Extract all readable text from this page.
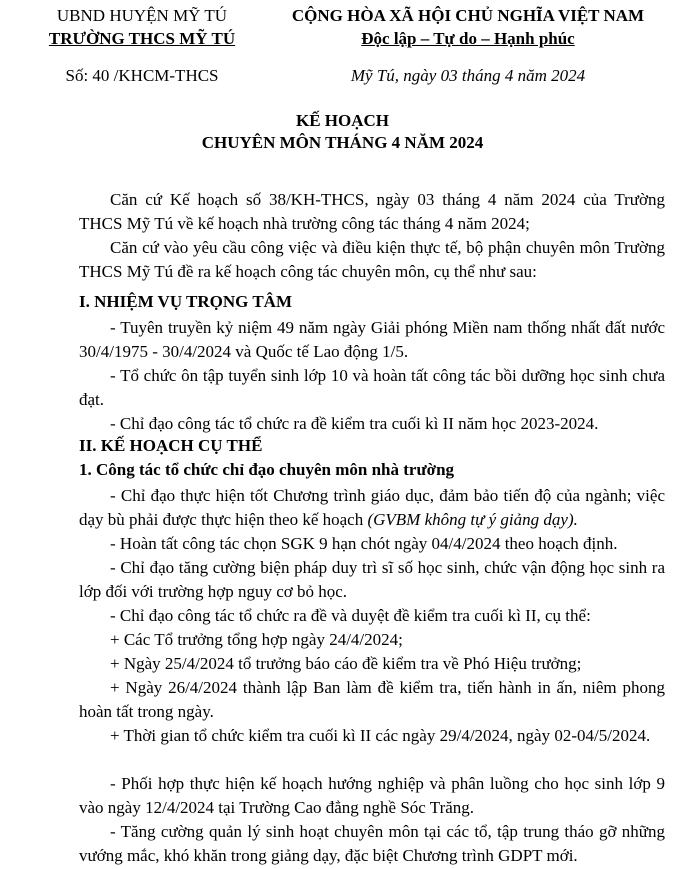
UBND HUYỆN MỸ TÚ
TRƯỜNG THCS MỸ TÚ
Số: 40 /KHCM-THCS
CỘNG HÒA XÃ HỘI CHỦ NGHĨA VIỆT NAM
Độc lập – Tự do – Hạnh phúc
Mỹ Tú, ngày 03 tháng 4 năm 2024
KẾ HOẠCH
CHUYÊN MÔN THÁNG 4 NĂM 2024
Căn cứ Kế hoạch số 38/KH-THCS, ngày 03 tháng 4 năm 2024 của Trường THCS Mỹ Tú về kế hoạch nhà trường công tác tháng 4 năm 2024;
Căn cứ vào yêu cầu công việc và điều kiện thực tế, bộ phận chuyên môn Trường THCS Mỹ Tú đề ra kế hoạch công tác chuyên môn, cụ thể như sau:
I. NHIỆM VỤ TRỌNG TÂM
- Tuyên truyền kỷ niệm 49 năm ngày Giải phóng Miền nam thống nhất đất nước 30/4/1975 - 30/4/2024 và Quốc tế Lao động 1/5.
- Tổ chức ôn tập tuyển sinh lớp 10 và hoàn tất công tác bồi dưỡng học sinh chưa đạt.
- Chỉ đạo công tác tổ chức ra đề kiểm tra cuối kì II năm học 2023-2024.
II. KẾ HOẠCH CỤ THỂ
1. Công tác tổ chức chỉ đạo chuyên môn nhà trường
- Chỉ đạo thực hiện tốt Chương trình giáo dục, đảm bảo tiến độ của ngành; việc dạy bù phải được thực hiện theo kế hoạch (GVBM không tự ý giảng dạy).
- Hoàn tất công tác chọn SGK 9 hạn chót ngày 04/4/2024 theo hoạch định.
- Chỉ đạo tăng cường biện pháp duy trì sĩ số học sinh, chức vận động học sinh ra lớp đối với trường hợp nguy cơ bỏ học.
- Chỉ đạo công tác tổ chức ra đề và duyệt đề kiểm tra cuối kì II, cụ thể:
+ Các Tổ trưởng tổng hợp ngày 24/4/2024;
+ Ngày 25/4/2024 tổ trưởng báo cáo đề kiểm tra về Phó Hiệu trưởng;
+ Ngày 26/4/2024 thành lập Ban làm đề kiểm tra, tiến hành in ấn, niêm phong hoàn tất trong ngày.
+ Thời gian tổ chức kiểm tra cuối kì II các ngày 29/4/2024, ngày 02-04/5/2024.
- Phối hợp thực hiện kế hoạch hướng nghiệp và phân luồng cho học sinh lớp 9 vào ngày 12/4/2024 tại Trường Cao đẳng nghề Sóc Trăng.
- Tăng cường quản lý sinh hoạt chuyên môn tại các tổ, tập trung tháo gỡ những vướng mắc, khó khăn trong giảng dạy, đặc biệt Chương trình GDPT mới.
